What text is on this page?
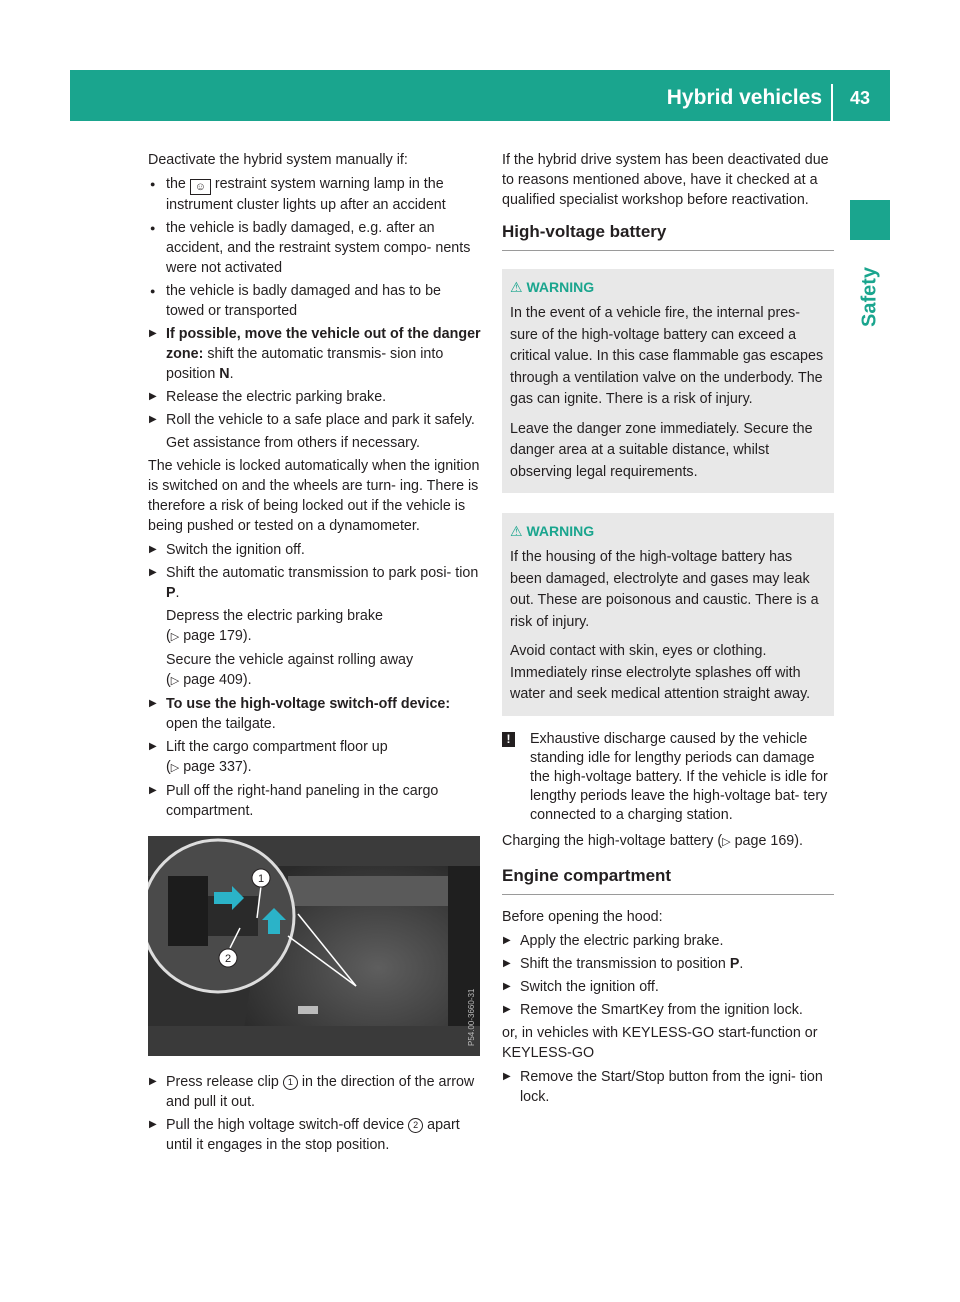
Hybrid vehicles 43
Safety

Deactivate the hybrid system manually if:

● the ☺ restraint system warning lamp in the instrument cluster lights up after an accident
● the vehicle is badly damaged, e.g. after an accident, and the restraint system compo- nents were not activated
● the vehicle is badly damaged and has to be towed or transported
▶ If possible, move the vehicle out of the danger zone: shift the automatic transmis- sion into position N.
▶ Release the electric parking brake.
▶ Roll the vehicle to a safe place and park it safely.
Get assistance from others if necessary.

The vehicle is locked automatically when the ignition is switched on and the wheels are turn- ing. There is therefore a risk of being locked out if the vehicle is being pushed or tested on a dynamometer.

▶ Switch the ignition off.
▶ Shift the automatic transmission to park posi- tion P.
Depress the electric parking brake
(▷ page 179).
Secure the vehicle against rolling away
(▷ page 409).
▶ To use the high-voltage switch-off device: open the tailgate.
▶ Lift the cargo compartment floor up
(▷ page 337).
▶ Pull off the right-hand paneling in the cargo compartment.
1
2
P54.00-3660-31
▶ Press release clip 1 in the direction of the arrow and pull it out.
▶ Pull the high voltage switch-off device 2 apart until it engages in the stop position.

If the hybrid drive system has been deactivated due to reasons mentioned above, have it checked at a qualified specialist workshop before reactivation.

High-voltage battery
⚠ WARNING

In the event of a vehicle fire, the internal pres- sure of the high-voltage battery can exceed a critical value. In this case flammable gas escapes through a ventilation valve on the underbody. The gas can ignite. There is a risk of injury.

Leave the danger zone immediately. Secure the danger area at a suitable distance, whilst observing legal requirements.

⚠ WARNING

If the housing of the high-voltage battery has been damaged, electrolyte and gases may leak out. These are poisonous and caustic. There is a risk of injury.

Avoid contact with skin, eyes or clothing. Immediately rinse electrolyte splashes off with water and seek medical attention straight away.

!	Exhaustive discharge caused by the vehicle standing idle for lengthy periods can damage the high-voltage battery. If the vehicle is idle for lengthy periods leave the high-voltage bat- tery connected to a charging station.

Charging the high-voltage battery (▷ page 169).

Engine compartment

Before opening the hood:

▶ Apply the electric parking brake.
▶ Shift the transmission to position P.
▶ Switch the ignition off.
▶ Remove the SmartKey from the ignition lock.

or, in vehicles with KEYLESS-GO start-function or KEYLESS-GO

▶ Remove the Start/Stop button from the igni- tion lock.
